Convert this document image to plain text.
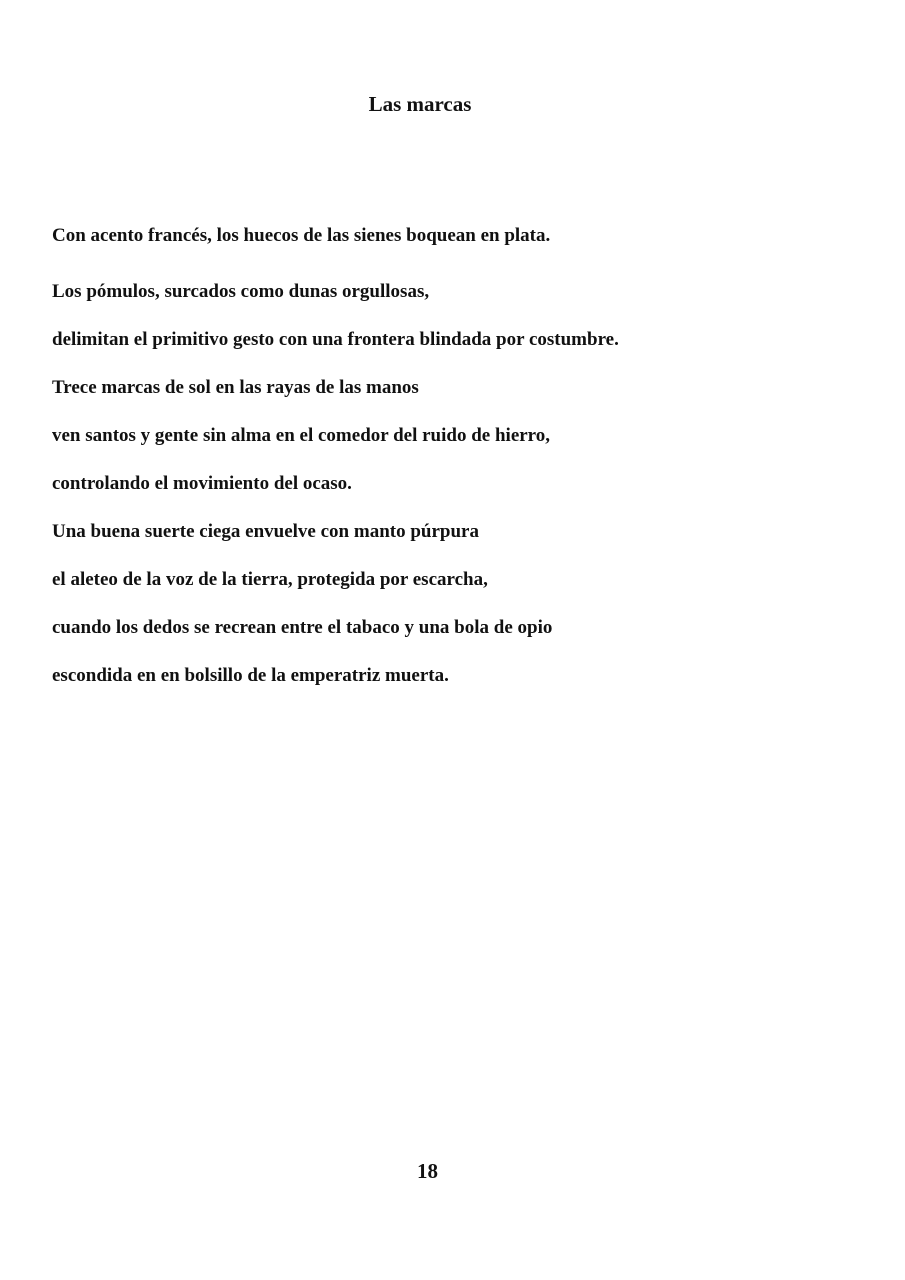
Las marcas
Con acento francés, los huecos de las sienes boquean en plata.
Los pómulos, surcados como dunas orgullosas,
delimitan el primitivo gesto con una frontera blindada por costumbre.
Trece marcas de sol en las rayas de las manos
ven santos y gente sin alma en el comedor del ruido de hierro,
controlando el movimiento del ocaso.
Una buena suerte ciega envuelve con manto púrpura
el aleteo de la voz de la tierra, protegida por escarcha,
cuando los dedos se recrean entre el tabaco y una bola de opio
escondida en en bolsillo de la emperatriz muerta.
18
